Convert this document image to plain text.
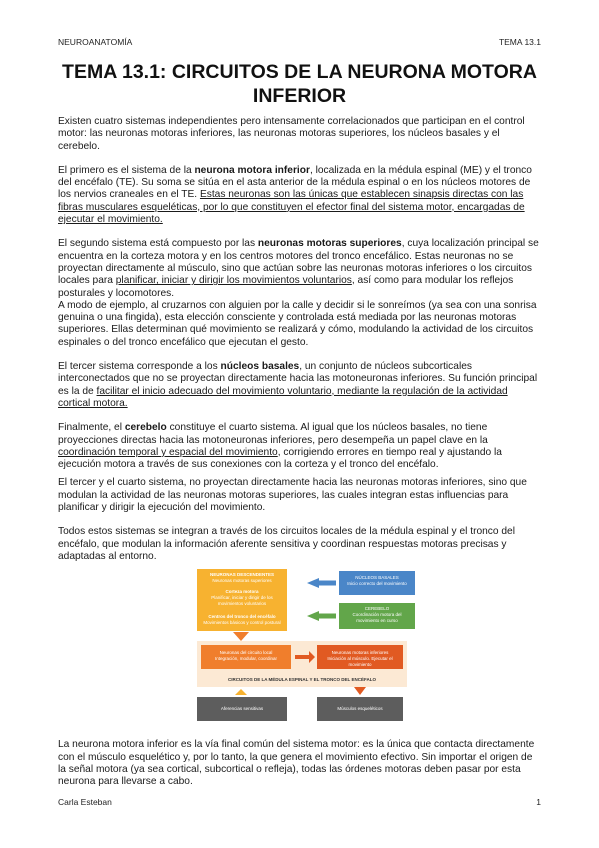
NEUROANATOMÍA	TEMA 13.1
TEMA 13.1: CIRCUITOS DE LA NEURONA MOTORA INFERIOR

Existen cuatro sistemas independientes pero intensamente correlacionados que participan en el control motor: las neuronas motoras inferiores, las neuronas motoras superiores, los núcleos basales y el cerebelo.

El primero es el sistema de la neurona motora inferior, localizada en la médula espinal (ME) y el tronco del encéfalo (TE). Su soma se sitúa en el asta anterior de la médula espinal o en los núcleos motores de los nervios craneales en el TE. Estas neuronas son las únicas que establecen sinapsis directas con las fibras musculares esqueléticas, por lo que constituyen el efector final del sistema motor, encargadas de ejecutar el movimiento.

El segundo sistema está compuesto por las neuronas motoras superiores, cuya localización principal se encuentra en la corteza motora y en los centros motores del tronco encefálico. Estas neuronas no se proyectan directamente al músculo, sino que actúan sobre las neuronas motoras inferiores o los circuitos locales para planificar, iniciar y dirigir los movimientos voluntarios, así como para modular los reflejos posturales y locomotores.

A modo de ejemplo, al cruzarnos con alguien por la calle y decidir si le sonreímos (ya sea con una sonrisa genuina o una fingida), esta elección consciente y controlada está mediada por las neuronas motoras superiores. Ellas determinan qué movimiento se realizará y cómo, modulando la actividad de los circuitos espinales o del tronco encefálico que ejecutan el gesto.

El tercer sistema corresponde a los núcleos basales, un conjunto de núcleos subcorticales interconectados que no se proyectan directamente hacia las motoneuronas inferiores. Su función principal es la de facilitar el inicio adecuado del movimiento voluntario, mediante la regulación de la actividad cortical motora.

Finalmente, el cerebelo constituye el cuarto sistema. Al igual que los núcleos basales, no tiene proyecciones directas hacia las motoneuronas inferiores, pero desempeña un papel clave en la coordinación temporal y espacial del movimiento, corrigiendo errores en tiempo real y ajustando la ejecución motora a través de sus conexiones con la corteza y el tronco del encéfalo.

El tercer y el cuarto sistema, no proyectan directamente hacia las neuronas motoras inferiores, sino que modulan la actividad de las neuronas motoras superiores, las cuales integran estas influencias para planificar y dirigir la ejecución del movimiento.

Todos estos sistemas se integran a través de los circuitos locales de la médula espinal y el tronco del encéfalo, que modulan la información aferente sensitiva y coordinan respuestas motoras precisas y adaptadas al entorno.

NEURONAS DESCENDENTES
Neuronas motoras superiores
Corteza motora
Planificar, iniciar y dirigir de los movimientos voluntarios
Centros del tronco del encéfalo
Movimientos básicos y control postural
NÚCLEOS BASALES
Inicio correcto del movimiento
CEREBELO
Coordinación motora del movimiento en curso
Neuronas del circuito local
Integración, modular, coordinar
Neuronas motoras inferiores
Iniciación al músculo. Ejecutar el movimiento
CIRCUITOS DE LA MÉDULA ESPINAL Y EL TRONCO DEL ENCÉFALO
Aferencias sensitivas	Músculos esqueléticos

La neurona motora inferior es la vía final común del sistema motor: es la única que contacta directamente con el músculo esquelético y, por lo tanto, la que genera el movimiento efectivo. Sin importar el origen de la señal motora (ya sea cortical, subcortical o refleja), todas las órdenes motoras deben pasar por esta neurona para llevarse a cabo.

Carla Esteban	1
